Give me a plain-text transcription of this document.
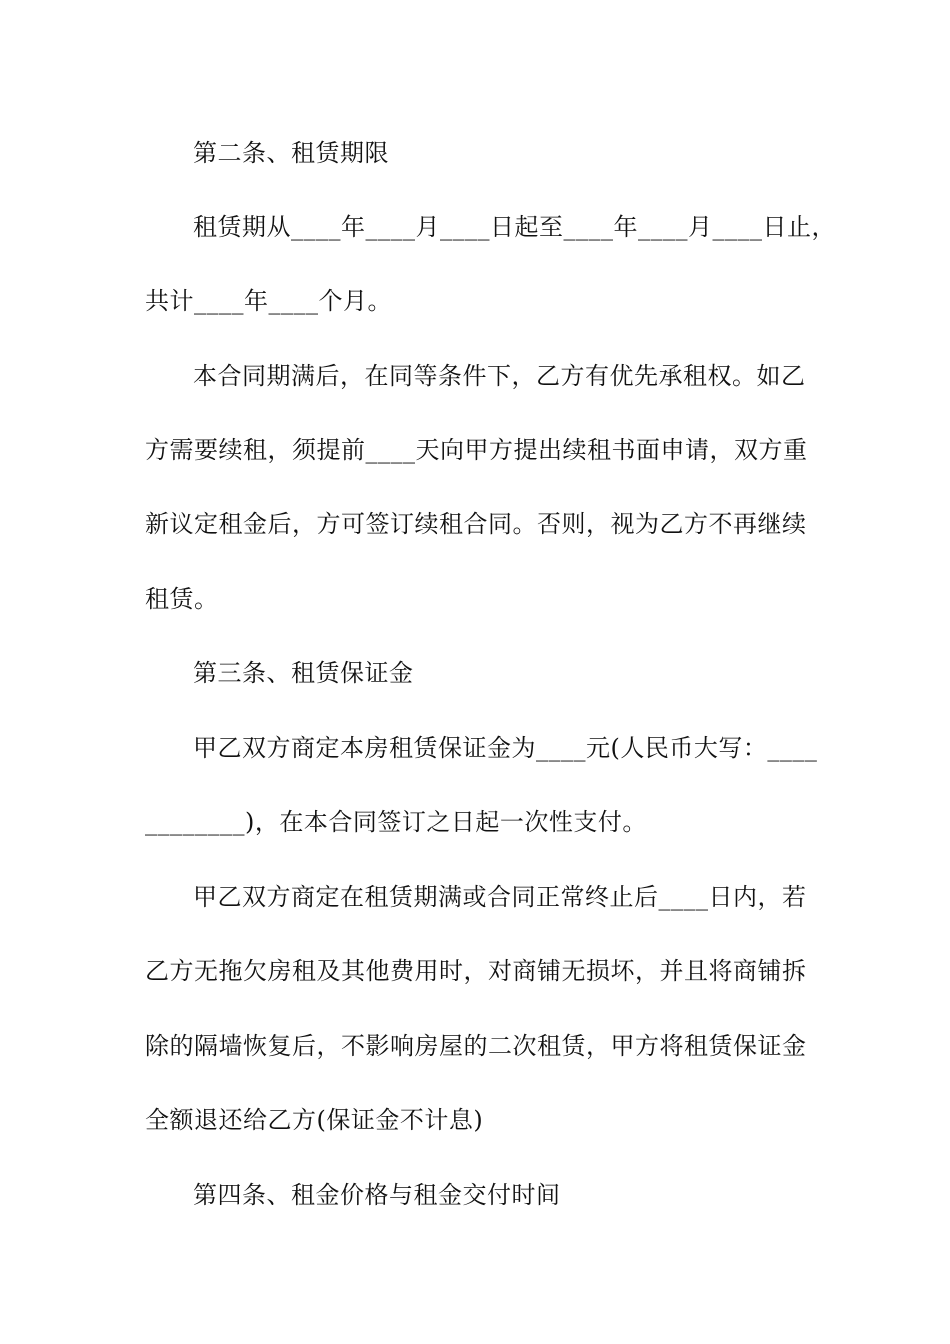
第二条、租赁期限
租赁期从____年____月____日起至____年____月____日止，
共计____年____个月。
本合同期满后，在同等条件下，乙方有优先承租权。如乙
方需要续租，须提前____天向甲方提出续租书面申请，双方重
新议定租金后，方可签订续租合同。否则，视为乙方不再继续
租赁。
第三条、租赁保证金
甲乙双方商定本房租赁保证金为____元(人民币大写：____
________)，在本合同签订之日起一次性支付。
甲乙双方商定在租赁期满或合同正常终止后____日内，若
乙方无拖欠房租及其他费用时，对商铺无损坏，并且将商铺拆
除的隔墙恢复后，不影响房屋的二次租赁，甲方将租赁保证金
全额退还给乙方(保证金不计息)
第四条、租金价格与租金交付时间
